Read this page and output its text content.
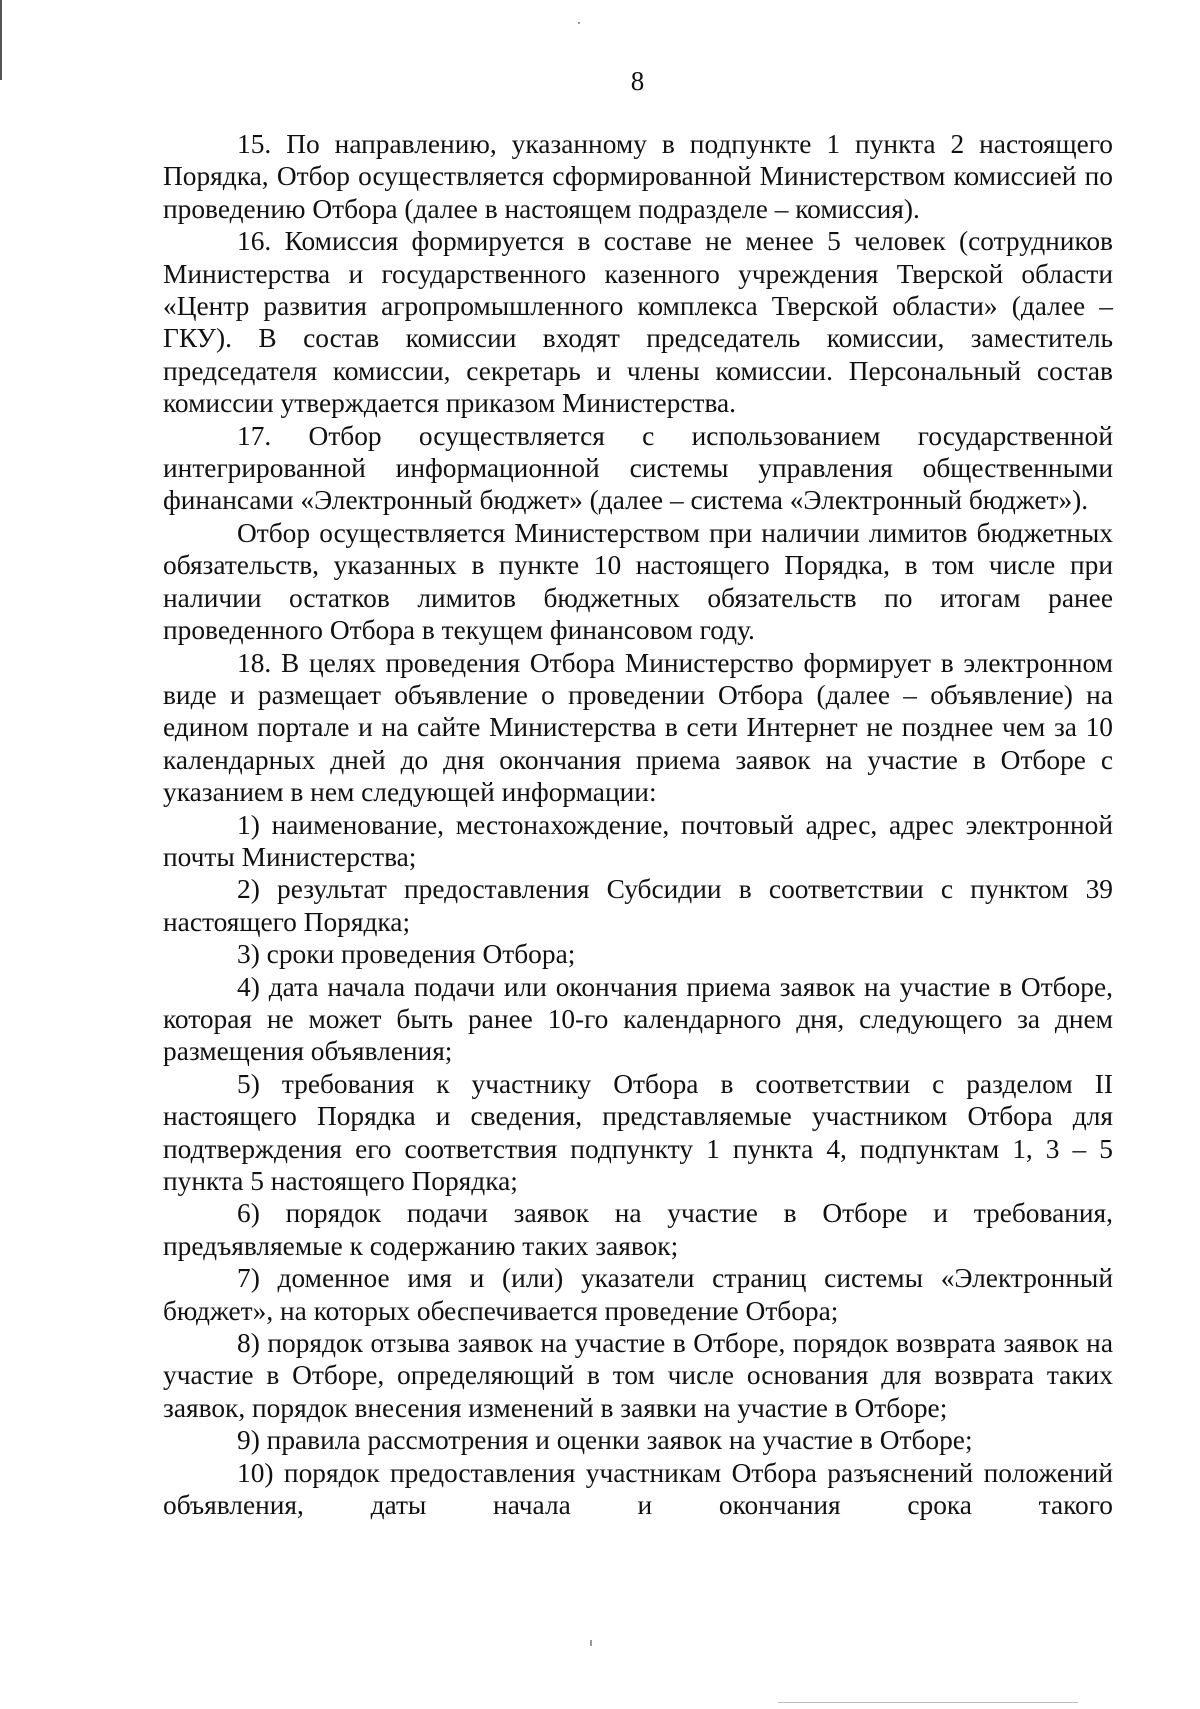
8

15. По направлению, указанному в подпункте 1 пункта 2 настоящего Порядка, Отбор осуществляется сформированной Министерством комиссией по проведению Отбора (далее в настоящем подразделе – комиссия).

16. Комиссия формируется в составе не менее 5 человек (сотрудников Министерства и государственного казенного учреждения Тверской области «Центр развития агропромышленного комплекса Тверской области» (далее – ГКУ). В состав комиссии входят председатель комиссии, заместитель председателя комиссии, секретарь и члены комиссии. Персональный состав комиссии утверждается приказом Министерства.

17. Отбор осуществляется с использованием государственной интегрированной информационной системы управления общественными финансами «Электронный бюджет» (далее – система «Электронный бюджет»).

Отбор осуществляется Министерством при наличии лимитов бюджетных обязательств, указанных в пункте 10 настоящего Порядка, в том числе при наличии остатков лимитов бюджетных обязательств по итогам ранее проведенного Отбора в текущем финансовом году.

18. В целях проведения Отбора Министерство формирует в электронном виде и размещает объявление о проведении Отбора (далее – объявление) на едином портале и на сайте Министерства в сети Интернет не позднее чем за 10 календарных дней до дня окончания приема заявок на участие в Отборе с указанием в нем следующей информации:

1) наименование, местонахождение, почтовый адрес, адрес электронной почты Министерства;

2) результат предоставления Субсидии в соответствии с пунктом 39 настоящего Порядка;

3) сроки проведения Отбора;

4) дата начала подачи или окончания приема заявок на участие в Отборе, которая не может быть ранее 10-го календарного дня, следующего за днем размещения объявления;

5) требования к участнику Отбора в соответствии с разделом II настоящего Порядка и сведения, представляемые участником Отбора для подтверждения его соответствия подпункту 1 пункта 4, подпунктам 1, 3 – 5 пункта 5 настоящего Порядка;

6) порядок подачи заявок на участие в Отборе и требования, предъявляемые к содержанию таких заявок;

7) доменное имя и (или) указатели страниц системы «Электронный бюджет», на которых обеспечивается проведение Отбора;

8) порядок отзыва заявок на участие в Отборе, порядок возврата заявок на участие в Отборе, определяющий в том числе основания для возврата таких заявок, порядок внесения изменений в заявки на участие в Отборе;

9) правила рассмотрения и оценки заявок на участие в Отборе;

10) порядок предоставления участникам Отбора разъяснений положений объявления, даты начала и окончания срока такого
